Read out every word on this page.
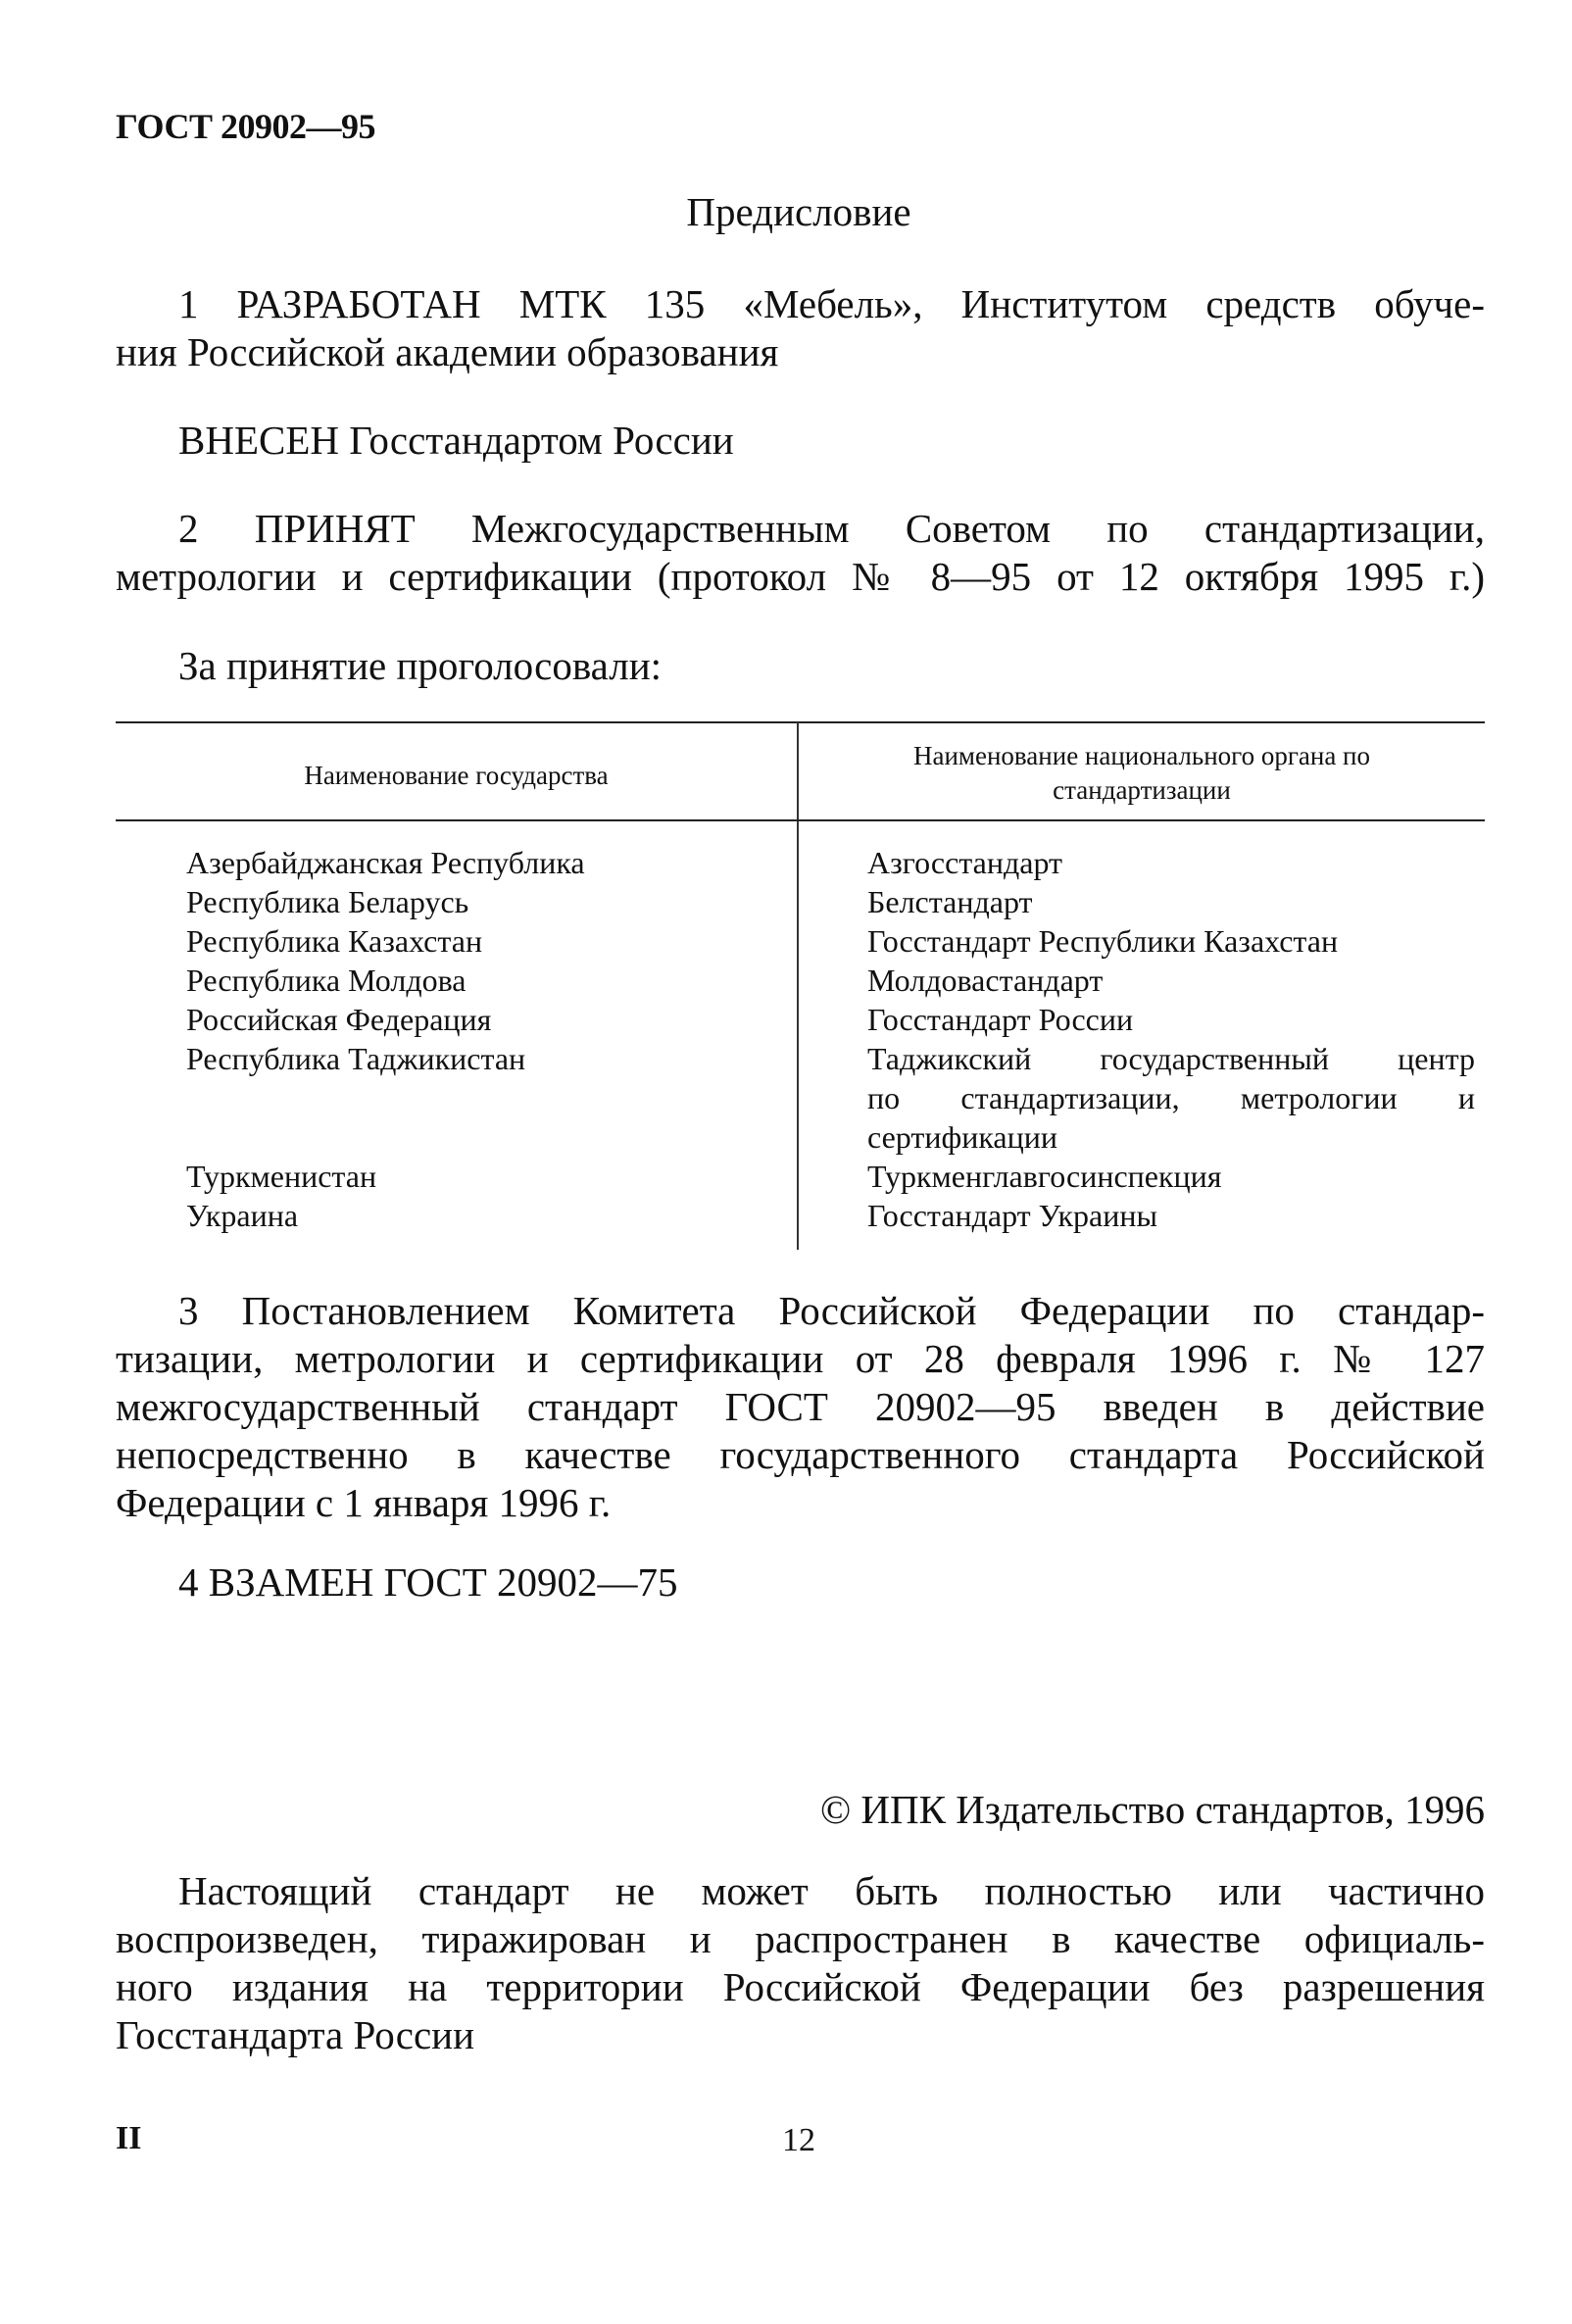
ГОСТ 20902—95
Предисловие
1 РАЗРАБОТАН МТК 135 «Мебель», Институтом средств обуче-
ния Российской академии образования
ВНЕСЕН Госстандартом России
2 ПРИНЯТ Межгосударственным Советом по стандартизации,
метрологии и сертификации (протокол № 8—95 от 12 октября 1995 г.)
За принятие проголосовали:
Наименование государства
Наименование национального органа по
стандартизации
Азербайджанская Республика
Республика Беларусь
Республика Казахстан
Республика Молдова
Российская Федерация
Республика Таджикистан
Туркменистан
Украина
Азгосстандарт
Белстандарт
Госстандарт Республики Казахстан
Молдовастандарт
Госстандарт России
Таджикский государственный центр
по стандартизации, метрологии и
сертификации
Туркменглавгосинспекция
Госстандарт Украины
3 Постановлением Комитета Российской Федерации по стандар-
тизации, метрологии и сертификации от 28 февраля 1996 г. № 127
межгосударственный стандарт ГОСТ 20902—95 введен в действие
непосредственно в качестве государственного стандарта Российской
Федерации с 1 января 1996 г.
4 ВЗАМЕН ГОСТ 20902—75
© ИПК Издательство стандартов, 1996
Настоящий стандарт не может быть полностью или частично
воспроизведен, тиражирован и распространен в качестве официаль-
ного издания на территории Российской Федерации без разрешения
Госстандарта России
II	12
